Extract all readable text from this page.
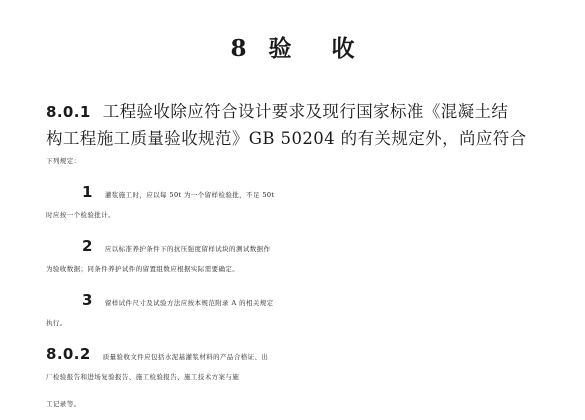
8 验 收
8.0.1 工程验收除应符合设计要求及现行国家标准《混凝土结
构工程施工质量验收规范》GB 50204 的有关规定外，尚应符合
下列规定：
1 灌浆施工时，应以每 50t 为一个留样检验批，不足 50t
时应按一个检验批计。
2 应以标准养护条件下的抗压强度留样试块的测试数据作
为验收数据；同条件养护试件的留置组数应根据实际需要确定。
3 留样试件尺寸及试验方法应按本规范附录 A 的相关规定
执行。
8.0.2 质量验收文件应包括水泥基灌浆材料的产品合格证、出
厂检验报告和进场复验报告、施工检验报告、施工技术方案与施
工记录等。
